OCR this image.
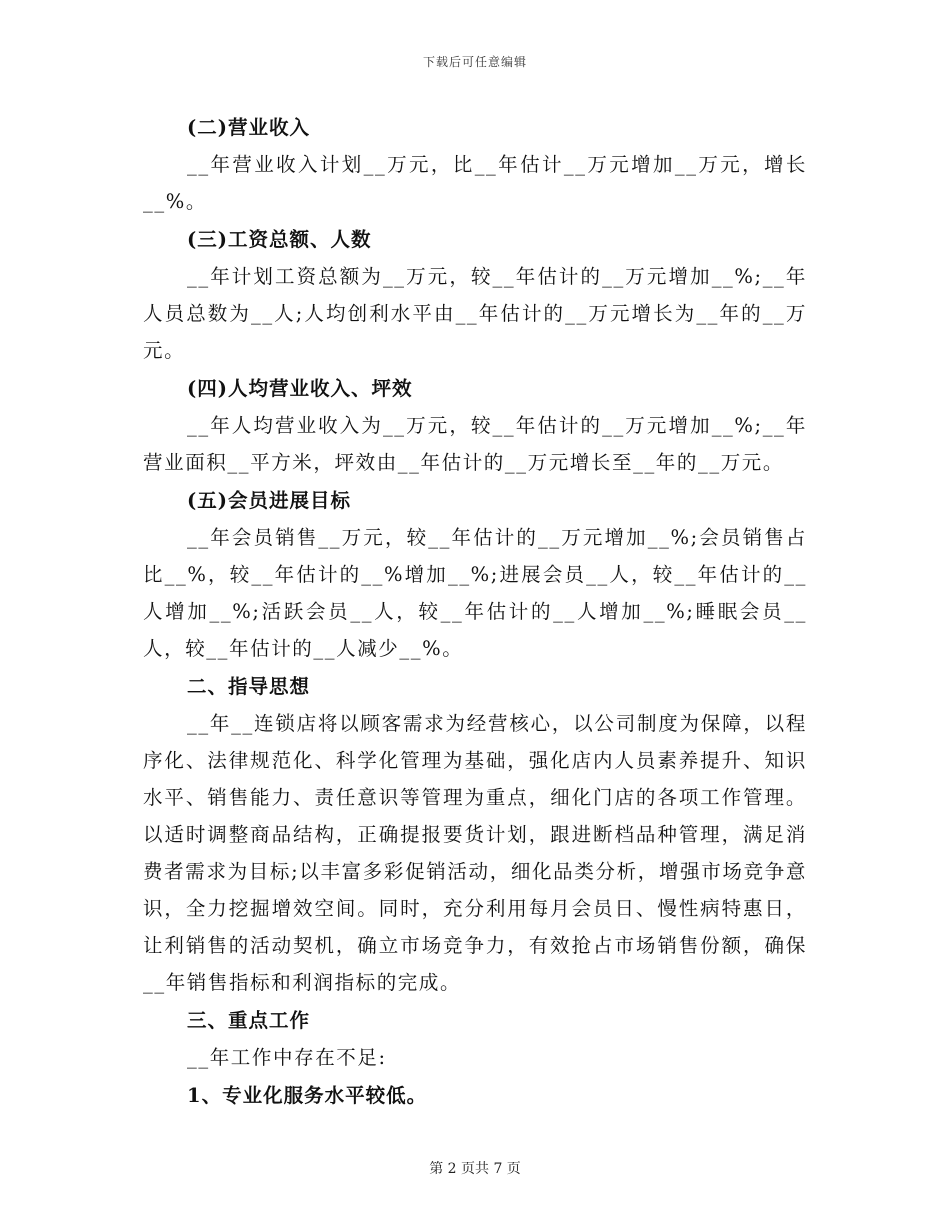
下载后可任意编辑

(二)营业收入

__年营业收入计划__万元，比__年估计__万元增加__万元，增长__%。

(三)工资总额、人数

__年计划工资总额为__万元，较__年估计的__万元增加__%;__年人员总数为__人;人均创利水平由__年估计的__万元增长为__年的__万元。

(四)人均营业收入、坪效

__年人均营业收入为__万元，较__年估计的__万元增加__%;__年营业面积__平方米，坪效由__年估计的__万元增长至__年的__万元。

(五)会员进展目标

__年会员销售__万元，较__年估计的__万元增加__%;会员销售占比__%，较__年估计的__%增加__%;进展会员__人，较__年估计的__人增加__%;活跃会员__人，较__年估计的__人增加__%;睡眠会员__人，较__年估计的__人减少__%。

二、指导思想

__年__连锁店将以顾客需求为经营核心，以公司制度为保障，以程序化、法律规范化、科学化管理为基础，强化店内人员素养提升、知识水平、销售能力、责任意识等管理为重点，细化门店的各项工作管理。以适时调整商品结构，正确提报要货计划，跟进断档品种管理，满足消费者需求为目标;以丰富多彩促销活动，细化品类分析，增强市场竞争意识，全力挖掘增效空间。同时，充分利用每月会员日、慢性病特惠日，让利销售的活动契机，确立市场竞争力，有效抢占市场销售份额，确保__年销售指标和利润指标的完成。

三、重点工作

__年工作中存在不足:

1、专业化服务水平较低。

第 2 页共 7 页
